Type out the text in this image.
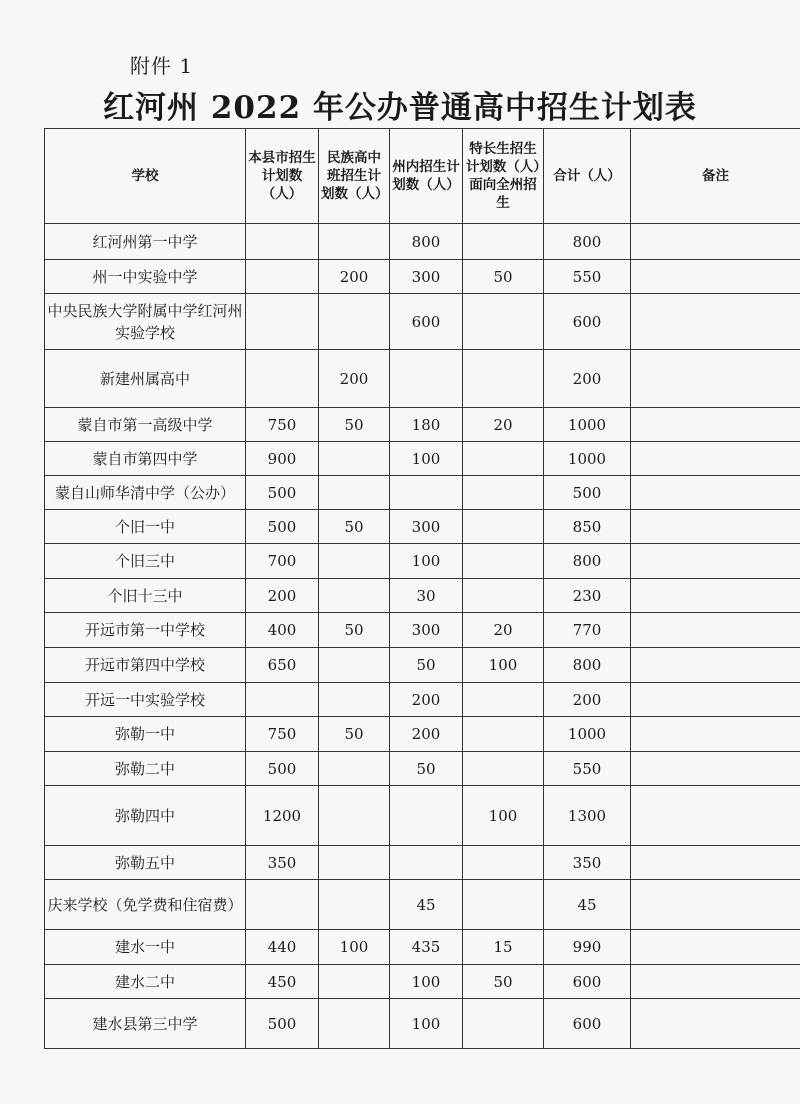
附件 1
红河州 2022 年公办普通高中招生计划表
学校	本县市招生计划数（人）	民族高中班招生计划数（人）	州内招生计划数（人）	特长生招生计划数（人）面向全州招生	合计（人）	备注
红河州第一中学			800		800	
州一中实验中学		200	300	50	550	
中央民族大学附属中学红河州实验学校			600		600	
新建州属高中		200			200	
蒙自市第一高级中学	750	50	180	20	1000	
蒙自市第四中学	900		100		1000	
蒙自山师华清中学（公办）	500				500	
个旧一中	500	50	300		850	
个旧三中	700		100		800	
个旧十三中	200		30		230	
开远市第一中学校	400	50	300	20	770	
开远市第四中学校	650		50	100	800	
开远一中实验学校			200		200	
弥勒一中	750	50	200		1000	
弥勒二中	500		50		550	
弥勒四中	1200			100	1300	
弥勒五中	350				350	
庆来学校（免学费和住宿费）			45		45	
建水一中	440	100	435	15	990	
建水二中	450		100	50	600	
建水县第三中学	500		100		600	
